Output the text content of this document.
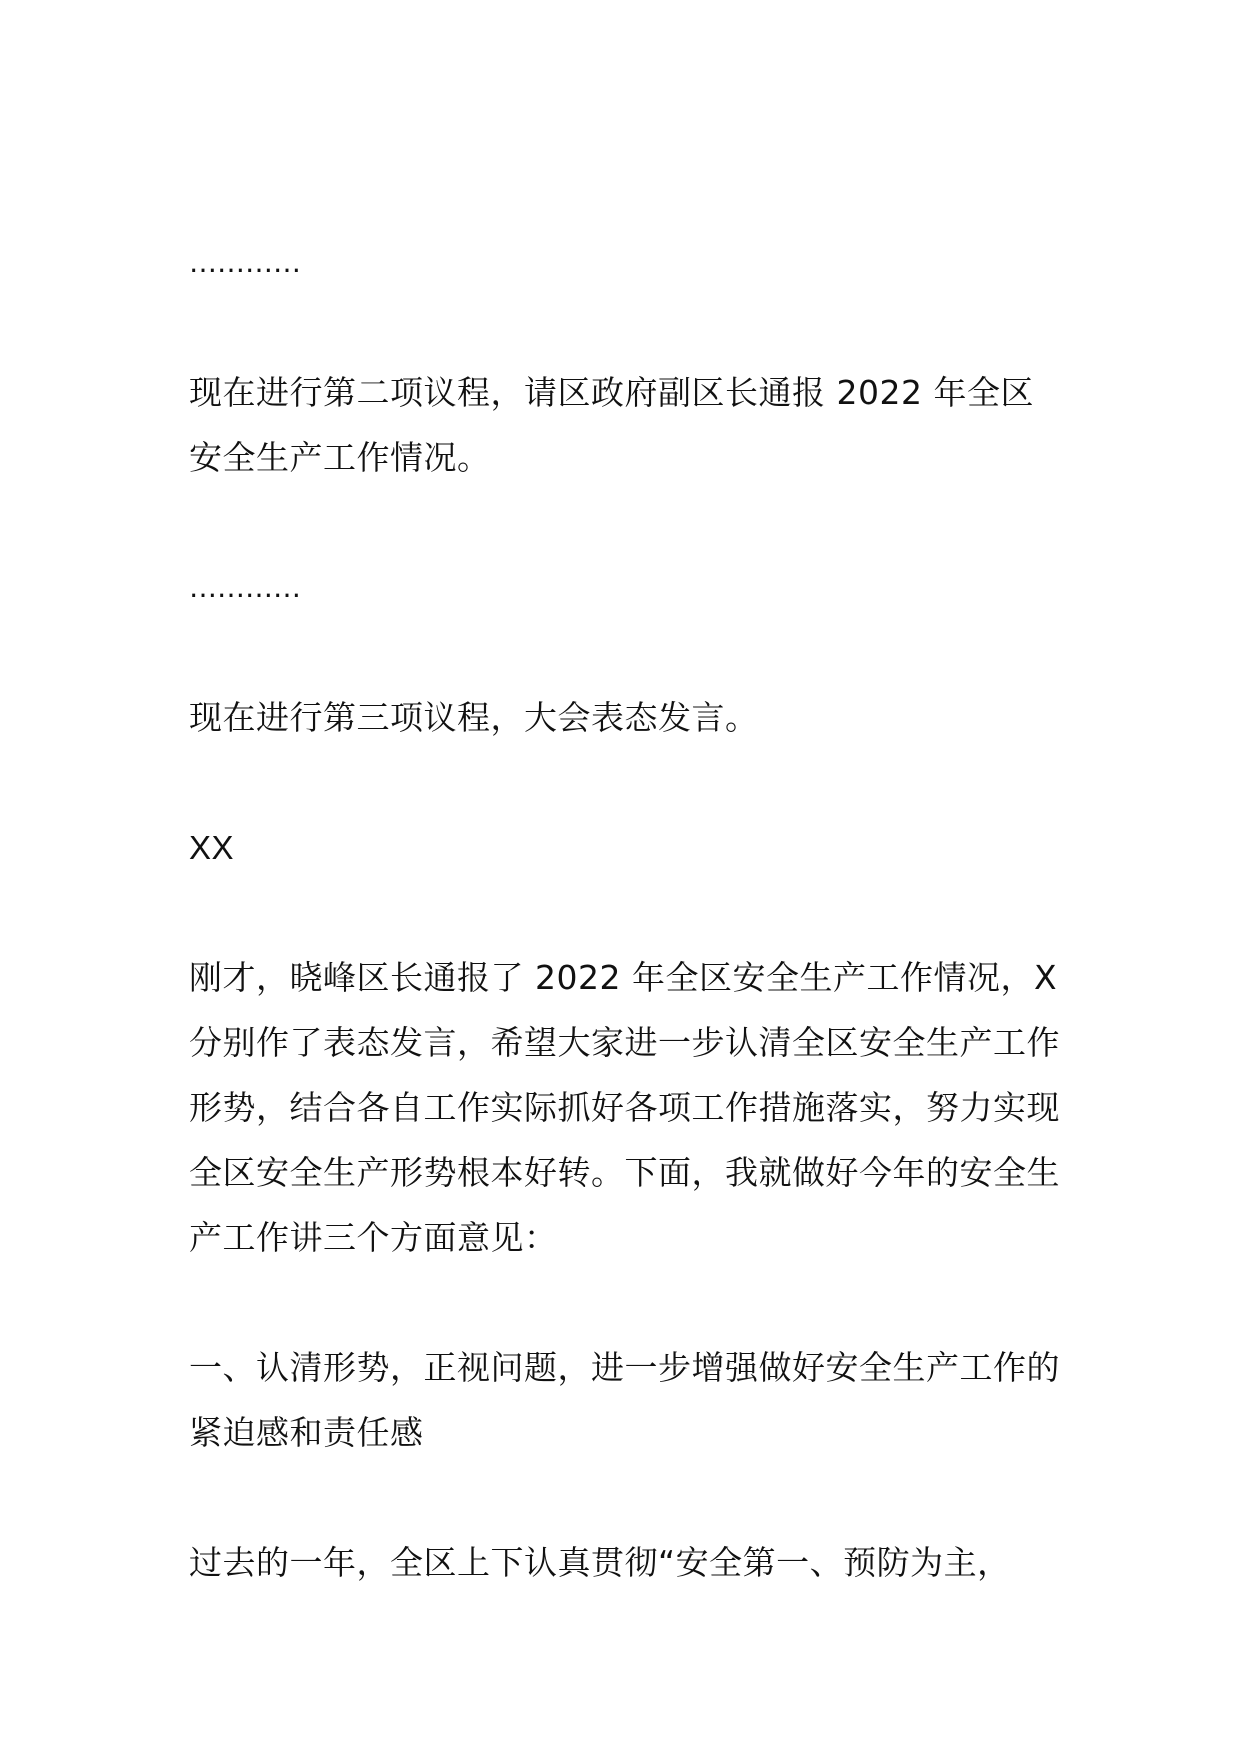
…………

现在进行第二项议程，请区政府副区长通报 2022 年全区安全生产工作情况。

…………

现在进行第三项议程，大会表态发言。

XX

刚才，晓峰区长通报了 2022 年全区安全生产工作情况，X 分别作了表态发言，希望大家进一步认清全区安全生产工作形势，结合各自工作实际抓好各项工作措施落实，努力实现全区安全生产形势根本好转。下面，我就做好今年的安全生产工作讲三个方面意见：

一、认清形势，正视问题，进一步增强做好安全生产工作的紧迫感和责任感

过去的一年，全区上下认真贯彻“安全第一、预防为主，
